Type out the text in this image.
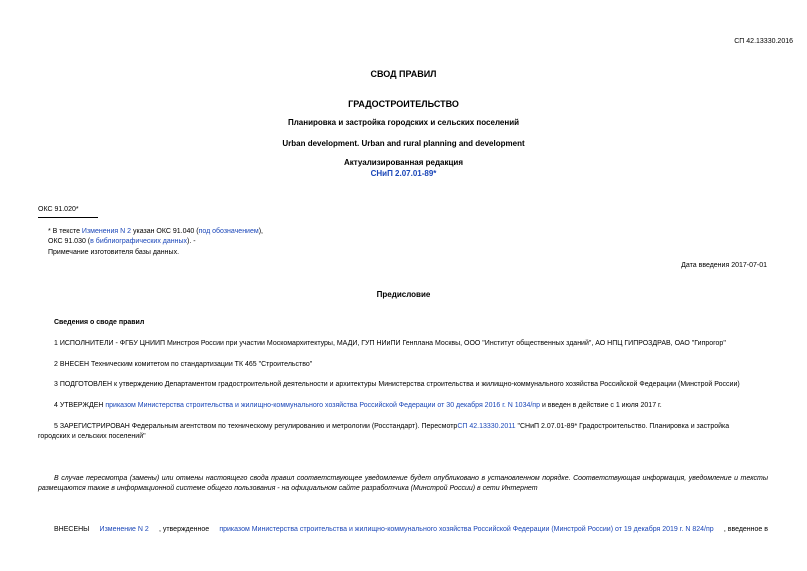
СП 42.13330.2016
СВОД ПРАВИЛ
ГРАДОСТРОИТЕЛЬСТВО
Планировка и застройка городских и сельских поселений
Urban development. Urban and rural planning and development
Актуализированная редакция
СНиП 2.07.01-89*
ОКС 91.020*
* В тексте Изменения N 2 указан ОКС 91.040 (под обозначением),
ОКС 91.030 (в библиографических данных). -
Примечание изготовителя базы данных.
Дата введения 2017-07-01
Предисловие
Сведения о своде правил
1 ИСПОЛНИТЕЛИ - ФГБУ ЦНИИП Минстроя России при участии Москомархитектуры, МАДИ, ГУП НИиПИ Генплана Москвы, ООО "Институт общественных зданий", АО НПЦ ГИПРОЗДРАВ, ОАО "Гипрогор"
2 ВНЕСЕН Техническим комитетом по стандартизации ТК 465 "Строительство"
3 ПОДГОТОВЛЕН к утверждению Департаментом градостроительной деятельности и архитектуры Министерства строительства и жилищно-коммунального хозяйства Российской Федерации (Минстрой России)
4 УТВЕРЖДЕН приказом Министерства строительства и жилищно-коммунального хозяйства Российской Федерации от 30 декабря 2016 г. N 1034/пр и введен в действие с 1 июля 2017 г.
5 ЗАРЕГИСТРИРОВАН Федеральным агентством по техническому регулированию и метрологии (Росстандарт). ПересмотрСП 42.13330.2011 "СНиП 2.07.01-89* Градостроительство. Планировка и застройка
городских и сельских поселений"
В случае пересмотра (замены) или отмены настоящего свода правил соответствующее уведомление будет опубликовано в установленном порядке. Соответствующая информация, уведомление и тексты размещаются также в информационной системе общего пользования - на официальном сайте разработчика (Минстрой России) в сети Интернет
ВНЕСЕНЫ Изменение N 2 , утвержденное приказом Министерства строительства и жилищно-коммунального хозяйства Российской Федерации (Минстрой России) от 19 декабря 2019 г. N 824/пр , введенное в
